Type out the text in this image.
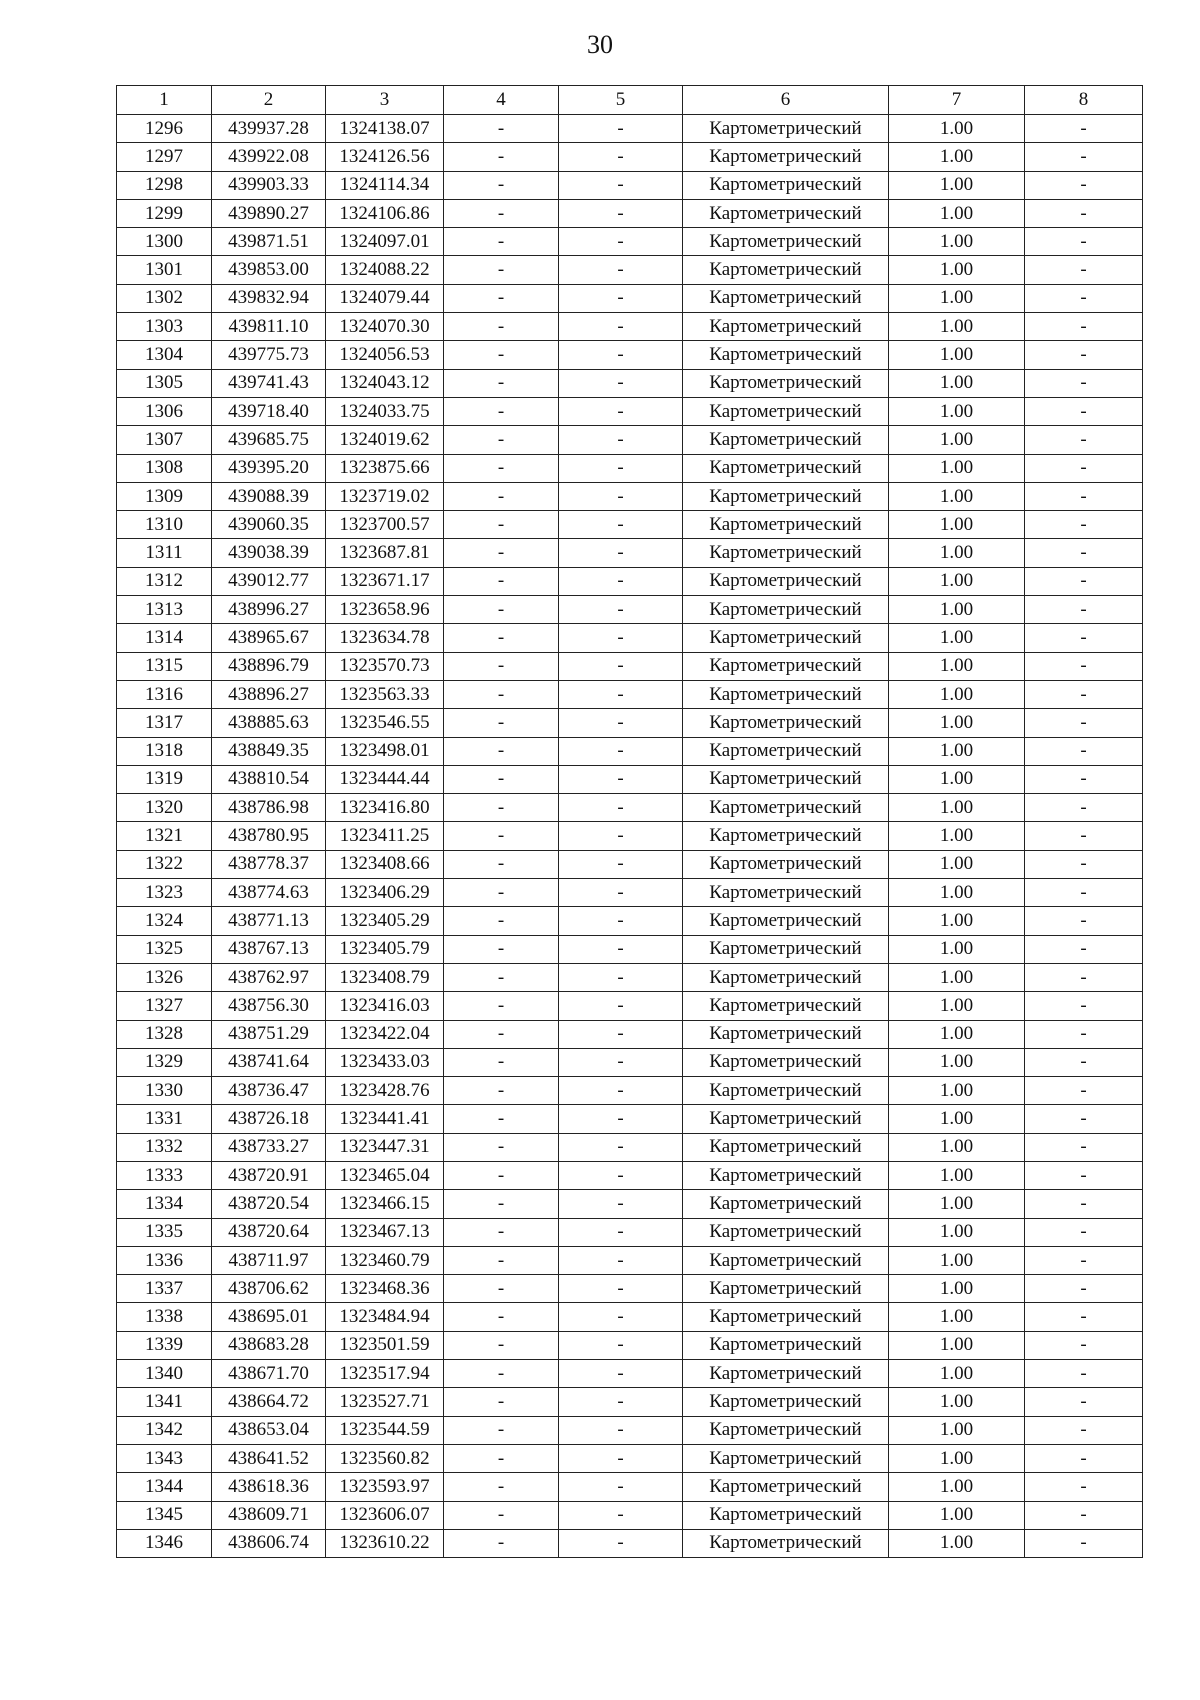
30
1	2	3	4	5	6	7	8
1296	439937.28	1324138.07	-	-	Картометрический	1.00	-
1297	439922.08	1324126.56	-	-	Картометрический	1.00	-
1298	439903.33	1324114.34	-	-	Картометрический	1.00	-
1299	439890.27	1324106.86	-	-	Картометрический	1.00	-
1300	439871.51	1324097.01	-	-	Картометрический	1.00	-
1301	439853.00	1324088.22	-	-	Картометрический	1.00	-
1302	439832.94	1324079.44	-	-	Картометрический	1.00	-
1303	439811.10	1324070.30	-	-	Картометрический	1.00	-
1304	439775.73	1324056.53	-	-	Картометрический	1.00	-
1305	439741.43	1324043.12	-	-	Картометрический	1.00	-
1306	439718.40	1324033.75	-	-	Картометрический	1.00	-
1307	439685.75	1324019.62	-	-	Картометрический	1.00	-
1308	439395.20	1323875.66	-	-	Картометрический	1.00	-
1309	439088.39	1323719.02	-	-	Картометрический	1.00	-
1310	439060.35	1323700.57	-	-	Картометрический	1.00	-
1311	439038.39	1323687.81	-	-	Картометрический	1.00	-
1312	439012.77	1323671.17	-	-	Картометрический	1.00	-
1313	438996.27	1323658.96	-	-	Картометрический	1.00	-
1314	438965.67	1323634.78	-	-	Картометрический	1.00	-
1315	438896.79	1323570.73	-	-	Картометрический	1.00	-
1316	438896.27	1323563.33	-	-	Картометрический	1.00	-
1317	438885.63	1323546.55	-	-	Картометрический	1.00	-
1318	438849.35	1323498.01	-	-	Картометрический	1.00	-
1319	438810.54	1323444.44	-	-	Картометрический	1.00	-
1320	438786.98	1323416.80	-	-	Картометрический	1.00	-
1321	438780.95	1323411.25	-	-	Картометрический	1.00	-
1322	438778.37	1323408.66	-	-	Картометрический	1.00	-
1323	438774.63	1323406.29	-	-	Картометрический	1.00	-
1324	438771.13	1323405.29	-	-	Картометрический	1.00	-
1325	438767.13	1323405.79	-	-	Картометрический	1.00	-
1326	438762.97	1323408.79	-	-	Картометрический	1.00	-
1327	438756.30	1323416.03	-	-	Картометрический	1.00	-
1328	438751.29	1323422.04	-	-	Картометрический	1.00	-
1329	438741.64	1323433.03	-	-	Картометрический	1.00	-
1330	438736.47	1323428.76	-	-	Картометрический	1.00	-
1331	438726.18	1323441.41	-	-	Картометрический	1.00	-
1332	438733.27	1323447.31	-	-	Картометрический	1.00	-
1333	438720.91	1323465.04	-	-	Картометрический	1.00	-
1334	438720.54	1323466.15	-	-	Картометрический	1.00	-
1335	438720.64	1323467.13	-	-	Картометрический	1.00	-
1336	438711.97	1323460.79	-	-	Картометрический	1.00	-
1337	438706.62	1323468.36	-	-	Картометрический	1.00	-
1338	438695.01	1323484.94	-	-	Картометрический	1.00	-
1339	438683.28	1323501.59	-	-	Картометрический	1.00	-
1340	438671.70	1323517.94	-	-	Картометрический	1.00	-
1341	438664.72	1323527.71	-	-	Картометрический	1.00	-
1342	438653.04	1323544.59	-	-	Картометрический	1.00	-
1343	438641.52	1323560.82	-	-	Картометрический	1.00	-
1344	438618.36	1323593.97	-	-	Картометрический	1.00	-
1345	438609.71	1323606.07	-	-	Картометрический	1.00	-
1346	438606.74	1323610.22	-	-	Картометрический	1.00	-
